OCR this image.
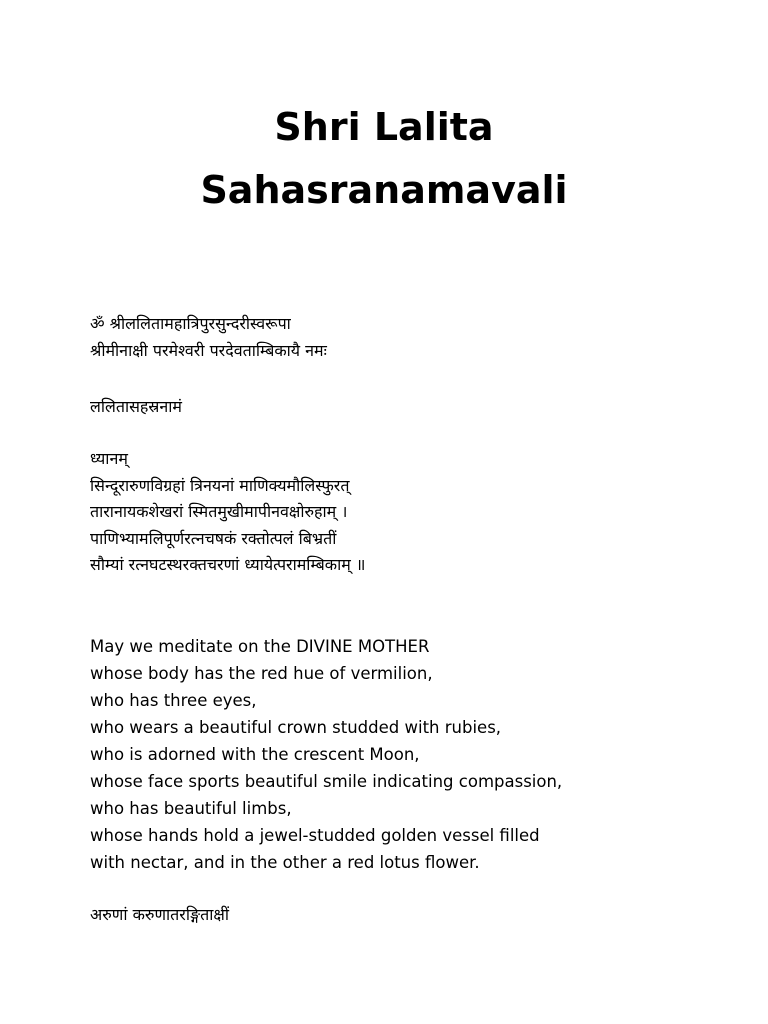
Shri Lalita
Sahasranamavali
ॐ श्रीललितामहात्रिपुरसुन्दरीस्वरूपा
श्रीमीनाक्षी परमेश्वरी परदेवताम्बिकायै नमः
ललितासहस्रनामं
ध्यानम्
सिन्दूरारुणविग्रहां त्रिनयनां माणिक्यमौलिस्फुरत्
तारानायकशेखरां स्मितमुखीमापीनवक्षोरुहाम् ।
पाणिभ्यामलिपूर्णरत्नचषकं रक्तोत्पलं बिभ्रतीं
सौम्यां रत्नघटस्थरक्तचरणां ध्यायेत्परामम्बिकाम् ॥
May we meditate on the DIVINE MOTHER
whose body has the red hue of vermilion,
who has three eyes,
who wears a beautiful crown studded with rubies,
who is adorned with the crescent Moon,
whose face sports beautiful smile indicating compassion,
who has beautiful limbs,
whose hands hold a jewel-studded golden vessel filled
with nectar, and in the other a red lotus flower.
अरुणां करुणातरङ्गिताक्षीं
